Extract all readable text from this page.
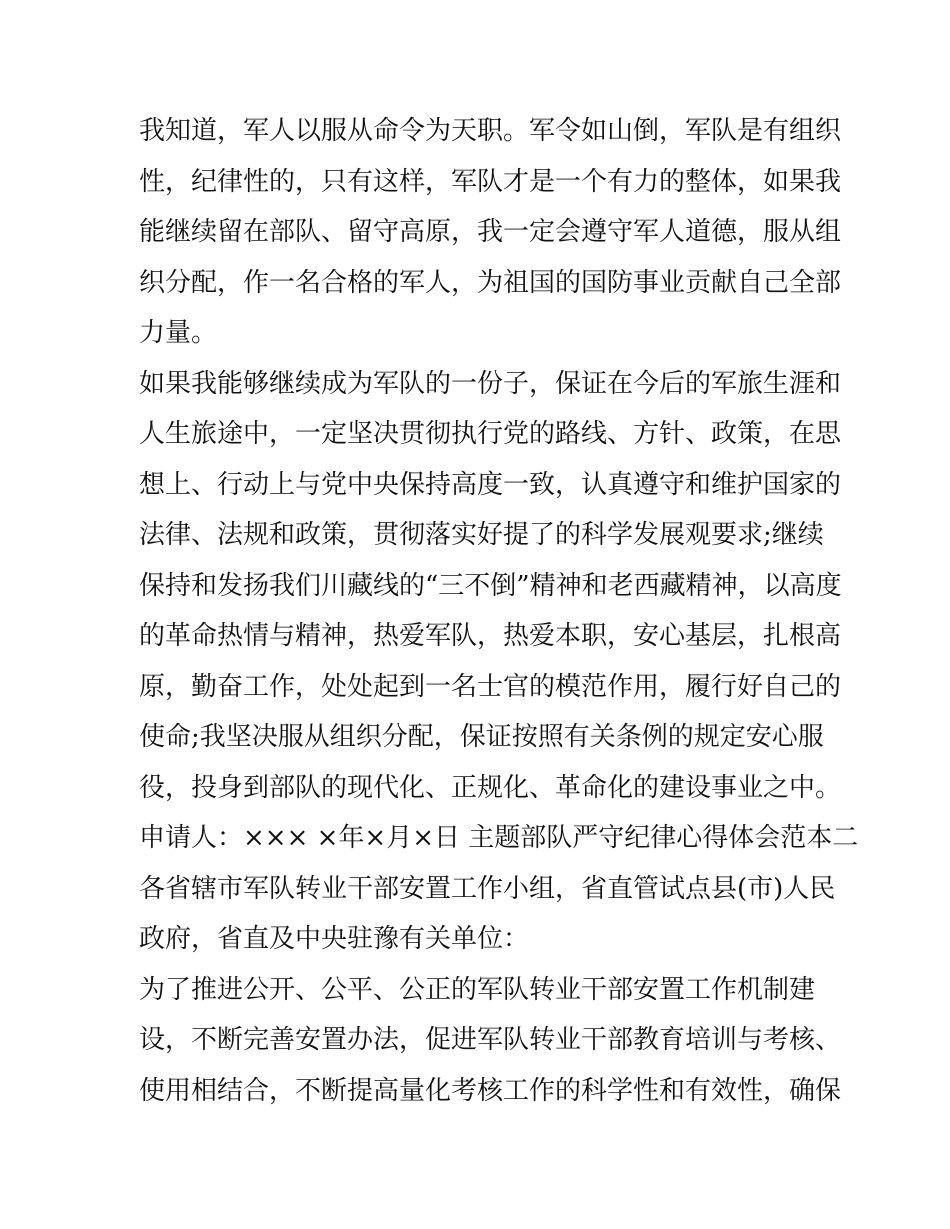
我知道，军人以服从命令为天职。军令如山倒，军队是有组织
性，纪律性的，只有这样，军队才是一个有力的整体，如果我
能继续留在部队、留守高原，我一定会遵守军人道德，服从组
织分配，作一名合格的军人，为祖国的国防事业贡献自己全部
力量。
如果我能够继续成为军队的一份子，保证在今后的军旅生涯和
人生旅途中，一定坚决贯彻执行党的路线、方针、政策，在思
想上、行动上与党中央保持高度一致，认真遵守和维护国家的
法律、法规和政策，贯彻落实好提了的科学发展观要求;继续
保持和发扬我们川藏线的“三不倒”精神和老西藏精神，以高度
的革命热情与精神，热爱军队，热爱本职，安心基层，扎根高
原，勤奋工作，处处起到一名士官的模范作用，履行好自己的
使命;我坚决服从组织分配，保证按照有关条例的规定安心服
役，投身到部队的现代化、正规化、革命化的建设事业之中。
申请人：××× ×年×月×日 主题部队严守纪律心得体会范本二
各省辖市军队转业干部安置工作小组，省直管试点县(市)人民
政府，省直及中央驻豫有关单位：
为了推进公开、公平、公正的军队转业干部安置工作机制建
设，不断完善安置办法，促进军队转业干部教育培训与考核、
使用相结合，不断提高量化考核工作的科学性和有效性，确保
